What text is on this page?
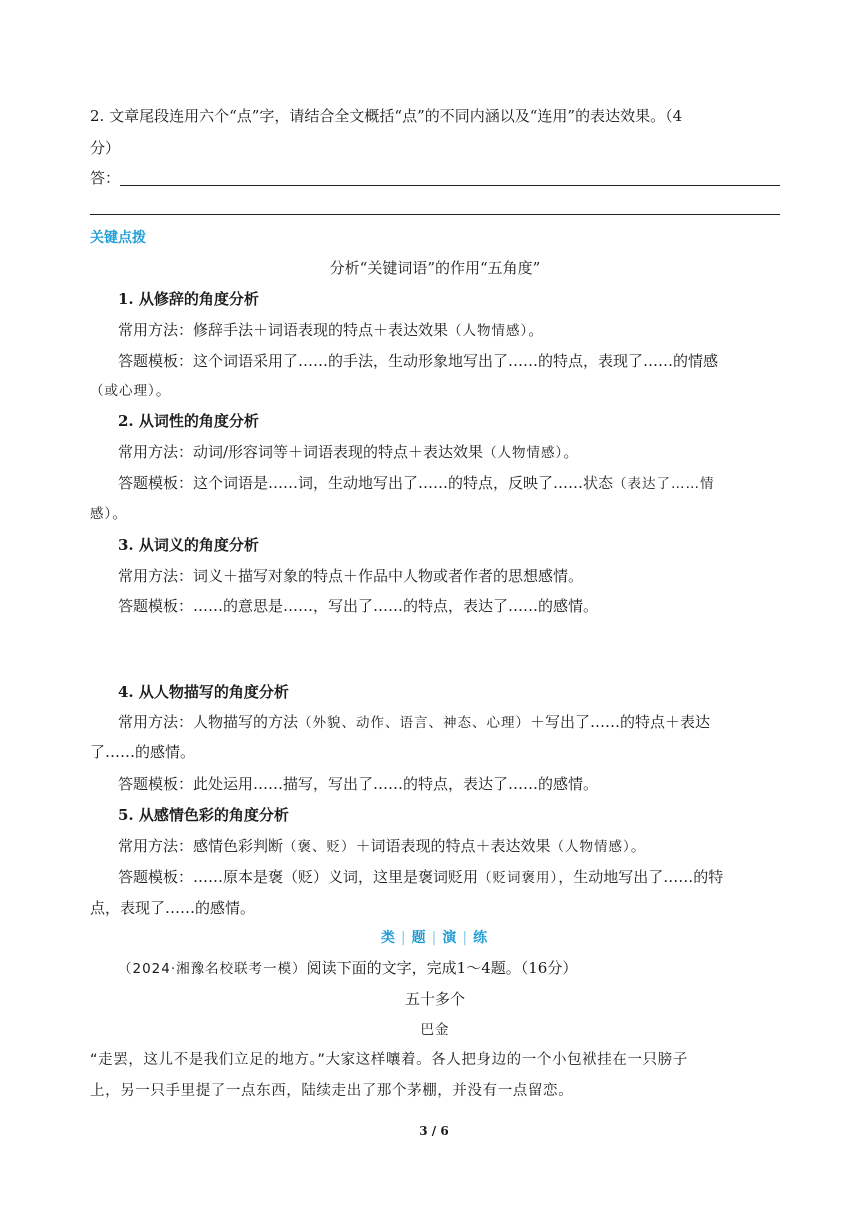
2. 文章尾段连用六个“点”字，请结合全文概括“点”的不同内涵以及“连用”的表达效果。（4
分）
答：
关键点拨
分析“关键词语”的作用“五角度”
1. 从修辞的角度分析
常用方法：修辞手法＋词语表现的特点＋表达效果（人物情感）。
答题模板：这个词语采用了……的手法，生动形象地写出了……的特点，表现了……的情感
（或心理）。
2. 从词性的角度分析
常用方法：动词/形容词等＋词语表现的特点＋表达效果（人物情感）。
答题模板：这个词语是……词，生动地写出了……的特点，反映了……状态（表达了……情
感）。
3. 从词义的角度分析
常用方法：词义＋描写对象的特点＋作品中人物或者作者的思想感情。
答题模板：……的意思是……，写出了……的特点，表达了……的感情。
4. 从人物描写的角度分析
常用方法：人物描写的方法（外貌、动作、语言、神态、心理）＋写出了……的特点＋表达
了……的感情。
答题模板：此处运用……描写，写出了……的特点，表达了……的感情。
5. 从感情色彩的角度分析
常用方法：感情色彩判断（褒、贬）＋词语表现的特点＋表达效果（人物情感）。
答题模板：……原本是褒（贬）义词，这里是褒词贬用（贬词褒用），生动地写出了……的特
点，表现了……的感情。
类 | 题 | 演 | 练
（2024·湘豫名校联考一模）阅读下面的文字，完成1～4题。（16分）
五十多个
巴金
“走罢，这儿不是我们立足的地方。”大家这样嚷着。各人把身边的一个小包袱挂在一只膀子
上，另一只手里提了一点东西，陆续走出了那个茅棚，并没有一点留恋。
3 / 6
